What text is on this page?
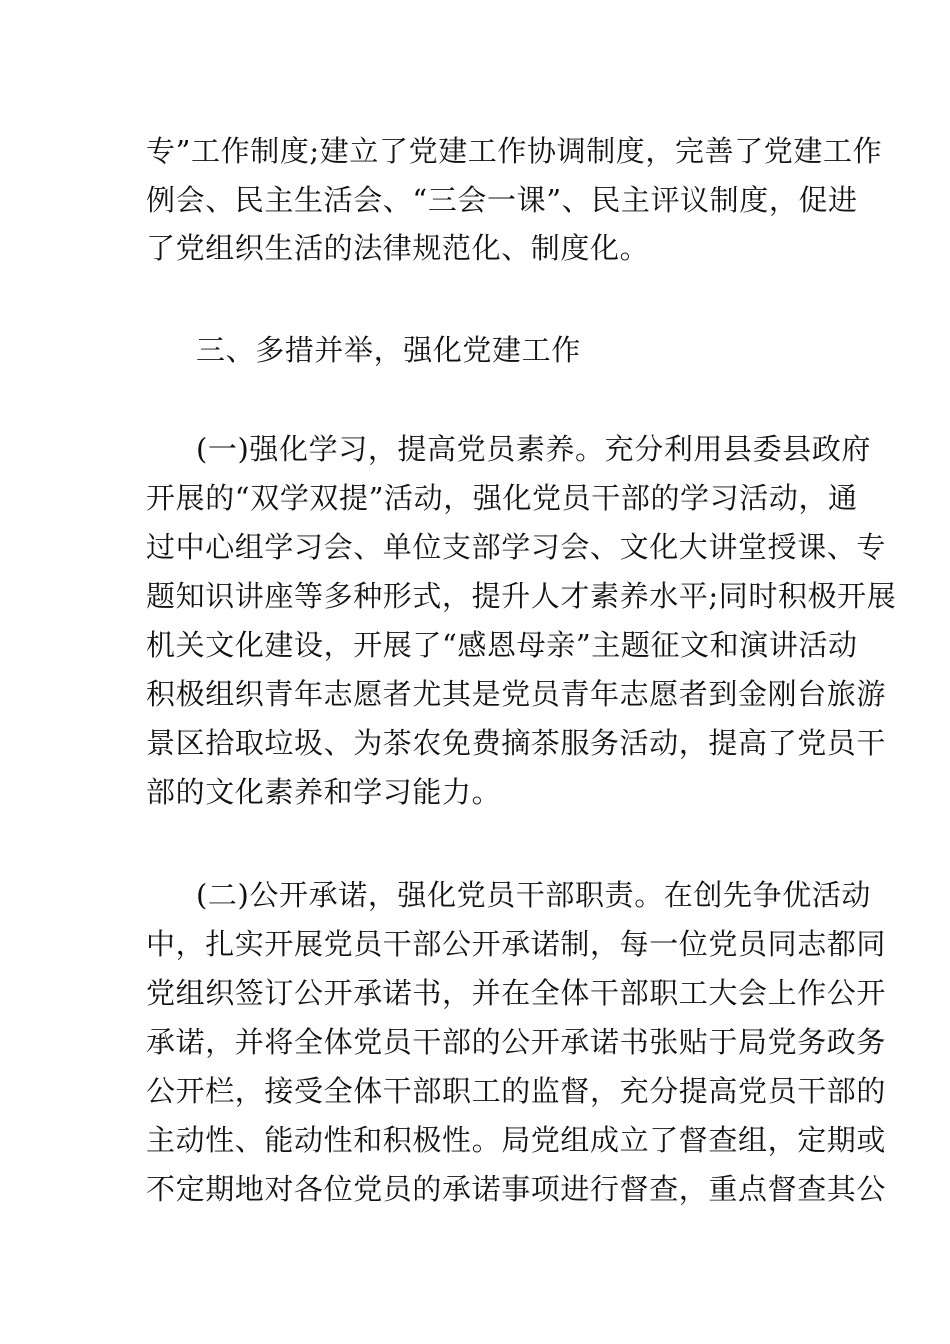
专”工作制度;建立了党建工作协调制度，完善了党建工作
例会、民主生活会、“三会一课”、民主评议制度，促进
了党组织生活的法律规范化、制度化。
三、多措并举，强化党建工作
(一)强化学习，提高党员素养。充分利用县委县政府
开展的“双学双提”活动，强化党员干部的学习活动，通
过中心组学习会、单位支部学习会、文化大讲堂授课、专
题知识讲座等多种形式，提升人才素养水平;同时积极开展
机关文化建设，开展了“感恩母亲”主题征文和演讲活动
积极组织青年志愿者尤其是党员青年志愿者到金刚台旅游
景区拾取垃圾、为茶农免费摘茶服务活动，提高了党员干
部的文化素养和学习能力。
(二)公开承诺，强化党员干部职责。在创先争优活动
中，扎实开展党员干部公开承诺制，每一位党员同志都同
党组织签订公开承诺书，并在全体干部职工大会上作公开
承诺，并将全体党员干部的公开承诺书张贴于局党务政务
公开栏，接受全体干部职工的监督，充分提高党员干部的
主动性、能动性和积极性。局党组成立了督查组，定期或
不定期地对各位党员的承诺事项进行督查，重点督查其公
